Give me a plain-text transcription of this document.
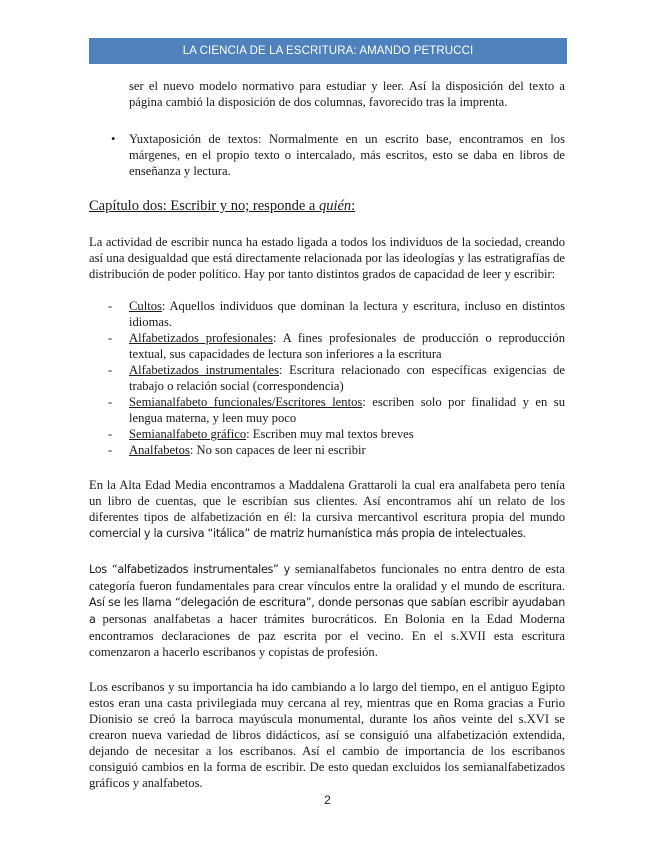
LA CIENCIA DE LA ESCRITURA: AMANDO PETRUCCI

ser el nuevo modelo normativo para estudiar y leer. Así la disposición del texto a página cambió la disposición de dos columnas, favorecido tras la imprenta.

•	Yuxtaposición de textos: Normalmente en un escrito base, encontramos en los márgenes, en el propio texto o intercalado, más escritos, esto se daba en libros de enseñanza y lectura.

Capítulo dos: Escribir y no; responde a quién:

La actividad de escribir nunca ha estado ligada a todos los individuos de la sociedad, creando así una desigualdad que está directamente relacionada por las ideologías y las estratigrafías de distribución de poder político. Hay por tanto distintos grados de capacidad de leer y escribir:

-	Cultos: Aquellos individuos que dominan la lectura y escritura, incluso en distintos idiomas.
-	Alfabetizados profesionales: A fines profesionales de producción o reproducción textual, sus capacidades de lectura son inferiores a la escritura
-	Alfabetizados instrumentales: Escritura relacionado con específicas exigencias de trabajo o relación social (correspondencia)
-	Semianalfabeto funcionales/Escritores lentos: escriben solo por finalidad y en su lengua materna, y leen muy poco
-	Semianalfabeto gráfico: Escriben muy mal textos breves
-	Analfabetos: No son capaces de leer ni escribir

En la Alta Edad Media encontramos a Maddalena Grattaroli la cual era analfabeta pero tenía un libro de cuentas, que le escribían sus clientes. Así encontramos ahí un relato de los diferentes tipos de alfabetización en él: la cursiva mercantivol escritura propia del mundo comercial y la cursiva “itálica” de matriz humanística más propia de intelectuales.

Los “alfabetizados instrumentales” y semianalfabetos funcionales no entra dentro de esta categoría fueron fundamentales para crear vínculos entre la oralidad y el mundo de escritura. Así se les llama “delegación de escritura”, donde personas que sabían escribir ayudaban a personas analfabetas a hacer trámites burocráticos. En Bolonia en la Edad Moderna encontramos declaraciones de paz escrita por el vecino. En el s.XVII esta escritura comenzaron a hacerlo escribanos y copistas de profesión.

Los escribanos y su importancia ha ido cambiando a lo largo del tiempo, en el antiguo Egipto estos eran una casta privilegiada muy cercana al rey, mientras que en Roma gracias a Furio Dionisio se creó la barroca mayúscula monumental, durante los años veinte del s.XVI se crearon nueva variedad de libros didácticos, así se consiguió una alfabetización extendida, dejando de necesitar a los escribanos. Así el cambio de importancia de los escribanos consiguió cambios en la forma de escribir. De esto quedan excluidos los semianalfabetizados gráficos y analfabetos.

2
